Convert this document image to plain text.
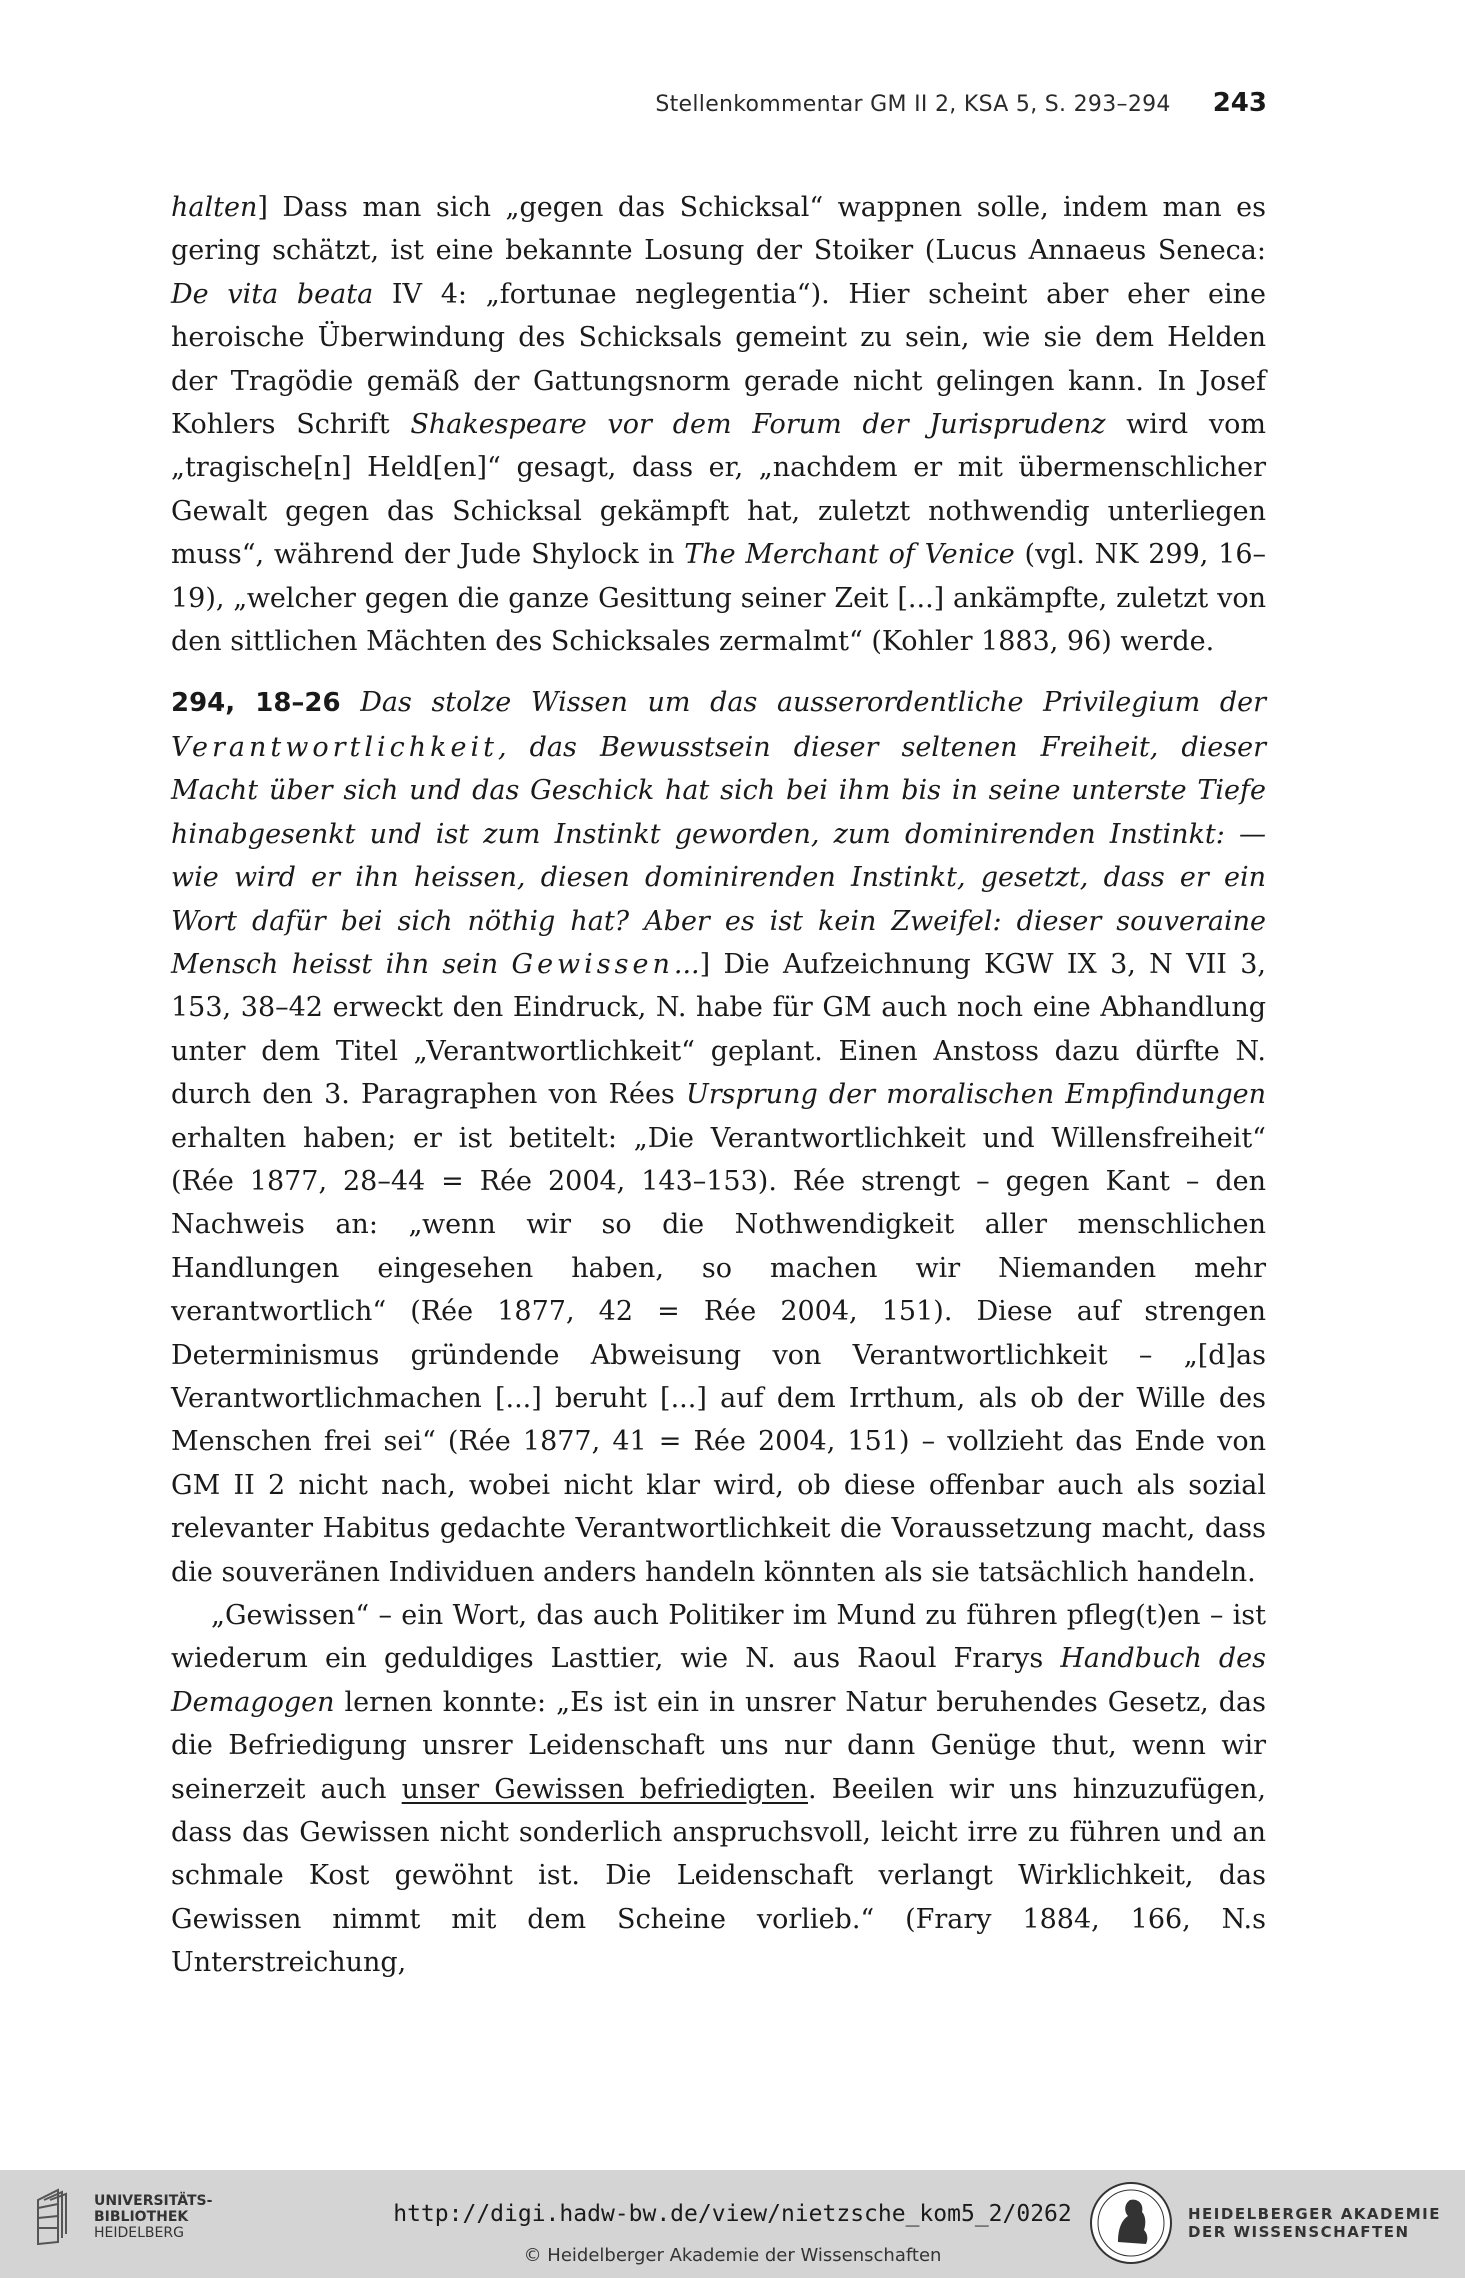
Stellenkommentar GM II 2, KSA 5, S. 293–294 243

halten] Dass man sich „gegen das Schicksal“ wappnen solle, indem man es gering schätzt, ist eine bekannte Losung der Stoiker (Lucus Annaeus Seneca: De vita beata IV 4: „fortunae neglegentia“). Hier scheint aber eher eine heroische Überwindung des Schicksals gemeint zu sein, wie sie dem Helden der Tragödie gemäß der Gattungsnorm gerade nicht gelingen kann. In Josef Kohlers Schrift Shakespeare vor dem Forum der Jurisprudenz wird vom „tragische[n] Held[en]“ gesagt, dass er, „nachdem er mit übermenschlicher Gewalt gegen das Schicksal gekämpft hat, zuletzt nothwendig unterliegen muss“, während der Jude Shylock in The Merchant of Venice (vgl. NK 299, 16–19), „welcher gegen die ganze Gesittung seiner Zeit [...] ankämpfte, zuletzt von den sittlichen Mächten des Schicksales zermalmt“ (Kohler 1883, 96) werde.

294, 18–26 Das stolze Wissen um das ausserordentliche Privilegium der Verantwortlichkeit, das Bewusstsein dieser seltenen Freiheit, dieser Macht über sich und das Geschick hat sich bei ihm bis in seine unterste Tiefe hinabgesenkt und ist zum Instinkt geworden, zum dominirenden Instinkt: — wie wird er ihn heissen, diesen dominirenden Instinkt, gesetzt, dass er ein Wort dafür bei sich nöthig hat? Aber es ist kein Zweifel: dieser souveraine Mensch heisst ihn sein Gewissen...] Die Aufzeichnung KGW IX 3, N VII 3, 153, 38–42 erweckt den Eindruck, N. habe für GM auch noch eine Abhandlung unter dem Titel „Verantwortlichkeit“ geplant. Einen Anstoss dazu dürfte N. durch den 3. Paragraphen von Rées Ursprung der moralischen Empfindungen erhalten haben; er ist betitelt: „Die Verantwortlichkeit und Willensfreiheit“ (Rée 1877, 28–44 = Rée 2004, 143–153). Rée strengt – gegen Kant – den Nachweis an: „wenn wir so die Nothwendigkeit aller menschlichen Handlungen eingesehen haben, so machen wir Niemanden mehr verantwortlich“ (Rée 1877, 42 = Rée 2004, 151). Diese auf strengen Determinismus gründende Abweisung von Verantwortlichkeit – „[d]as Verantwortlichmachen [...] beruht [...] auf dem Irrthum, als ob der Wille des Menschen frei sei“ (Rée 1877, 41 = Rée 2004, 151) – vollzieht das Ende von GM II 2 nicht nach, wobei nicht klar wird, ob diese offenbar auch als sozial relevanter Habitus gedachte Verantwortlichkeit die Voraussetzung macht, dass die souveränen Individuen anders handeln könnten als sie tatsächlich handeln.

„Gewissen“ – ein Wort, das auch Politiker im Mund zu führen pfleg(t)en – ist wiederum ein geduldiges Lasttier, wie N. aus Raoul Frarys Handbuch des Demagogen lernen konnte: „Es ist ein in unsrer Natur beruhendes Gesetz, das die Befriedigung unsrer Leidenschaft uns nur dann Genüge thut, wenn wir seinerzeit auch unser Gewissen befriedigten. Beeilen wir uns hinzuzufügen, dass das Gewissen nicht sonderlich anspruchsvoll, leicht irre zu führen und an schmale Kost gewöhnt ist. Die Leidenschaft verlangt Wirklichkeit, das Gewissen nimmt mit dem Scheine vorlieb.“ (Frary 1884, 166, N.s Unterstreichung,

UNIVERSITÄTS-
BIBLIOTHEK
HEIDELBERG
http://digi.hadw-bw.de/view/nietzsche_kom5_2/0262
© Heidelberger Akademie der Wissenschaften
HEIDELBERGER AKADEMIE
DER WISSENSCHAFTEN
